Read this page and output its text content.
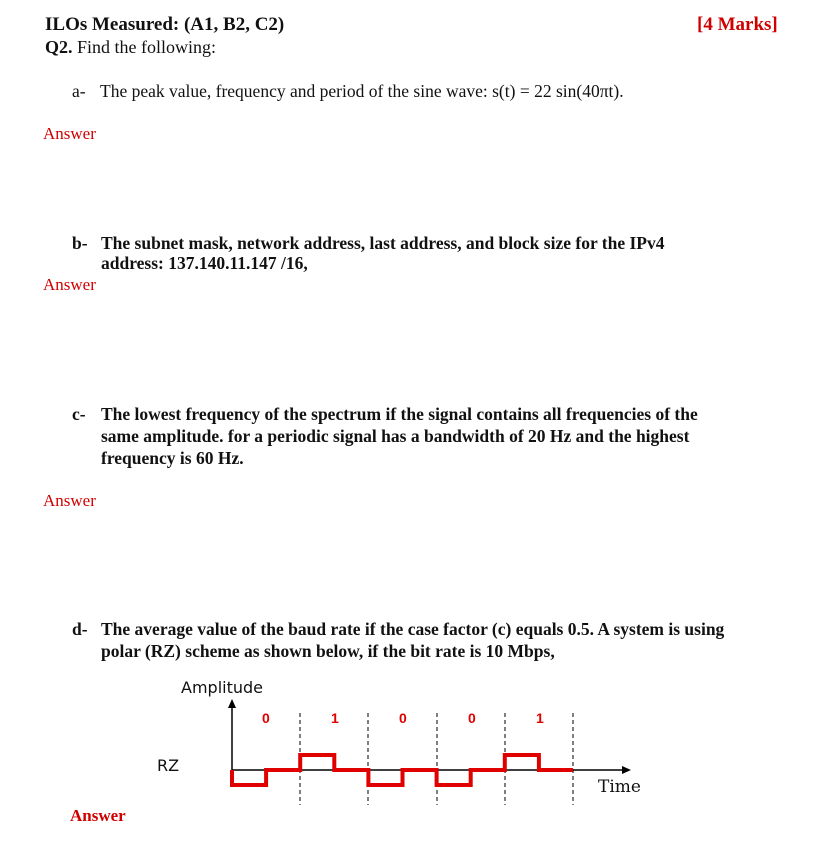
ILOs Measured: (A1, B2, C2)	[4 Marks]
Q2. Find the following:
a- The peak value, frequency and period of the sine wave: s(t) = 22 sin(40πt).
Answer
b- The subnet mask, network address, last address, and block size for the IPv4
address: 137.140.11.147 /16,
Answer
c- The lowest frequency of the spectrum if the signal contains all frequencies of the
same amplitude. for a periodic signal has a bandwidth of 20 Hz and the highest
frequency is 60 Hz.
Answer
d- The average value of the baud rate if the case factor (c) equals 0.5. A system is using
polar (RZ) scheme as shown below, if the bit rate is 10 Mbps,
Amplitude
Time
RZ
0	1	0	0	1
Answer
